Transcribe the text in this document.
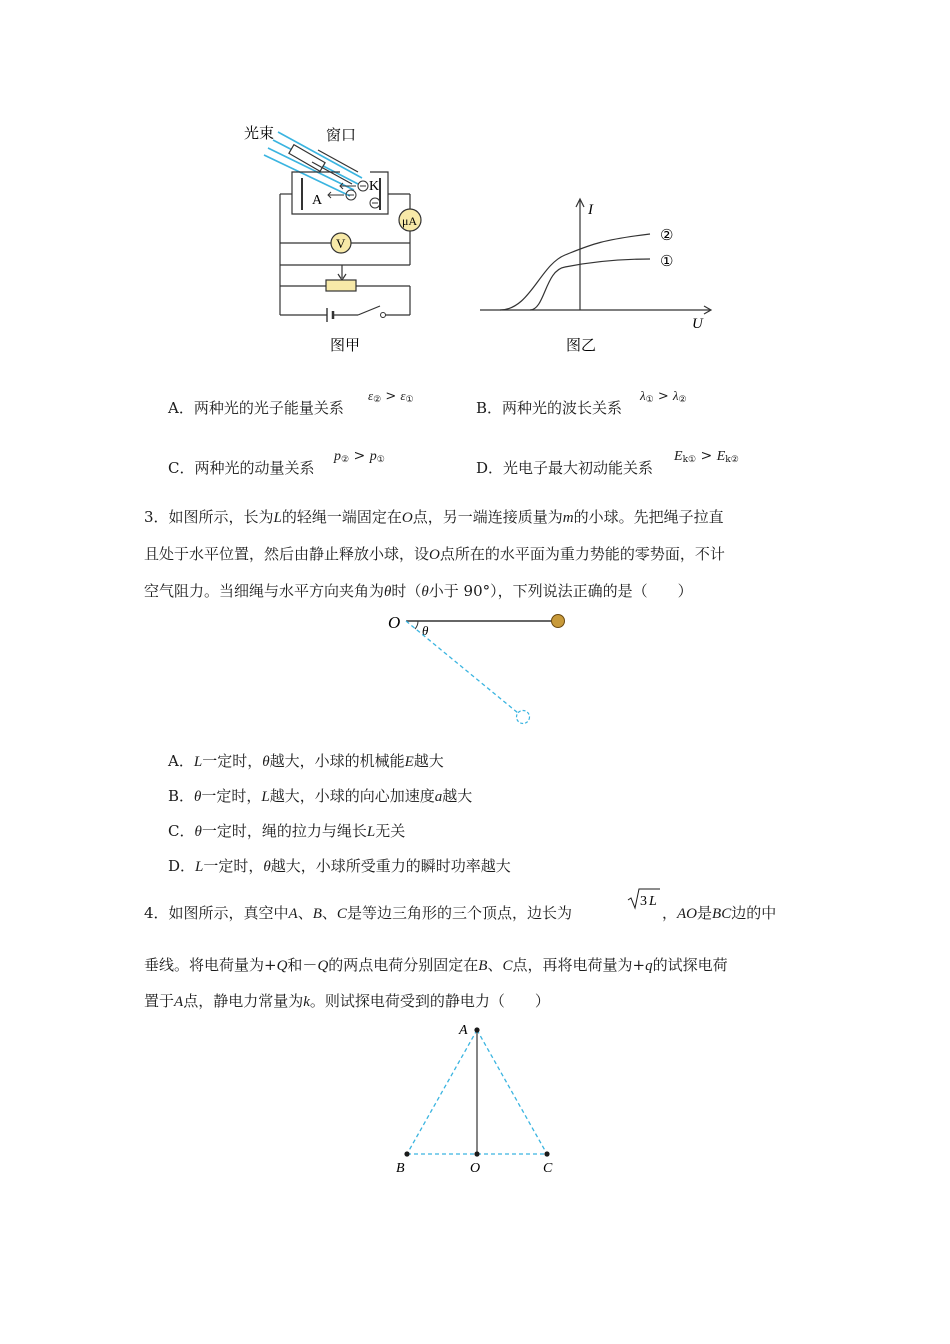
光束	窗口
A
K
μA
V
图甲
I
U
②
①
图乙
A．两种光的光子能量关系
$\varepsilon_② > \varepsilon_①$	B．两种光的波长关系
$\lambda_① > \lambda_②$
C．两种光的动量关系
$p_② > p_①$	D．光电子最大初动能关系
$E_{k①} > E_{k②}$
3．如图所示，长为L的轻绳一端固定在O点，另一端连接质量为m的小球。先把绳子拉直
且处于水平位置，然后由静止释放小球，设O点所在的水平面为重力势能的零势面，不计
空气阻力。当细绳与水平方向夹角为θ时（θ小于 90°），下列说法正确的是（　　）
O θ
A．L一定时，θ越大，小球的机械能E越大
B．θ一定时，L越大，小球的向心加速度a越大
C．θ一定时，绳的拉力与绳长L无关
D．L一定时，θ越大，小球所受重力的瞬时功率越大
4．如图所示，真空中A、B、C是等边三角形的三个顶点，边长为
3 L
，AO是BC边的中
垂线。将电荷量为+Q和－Q的两点电荷分别固定在B、C点，再将电荷量为+q的试探电荷
置于A点，静电力常量为k。则试探电荷受到的静电力（　　）
A
B	O	C
